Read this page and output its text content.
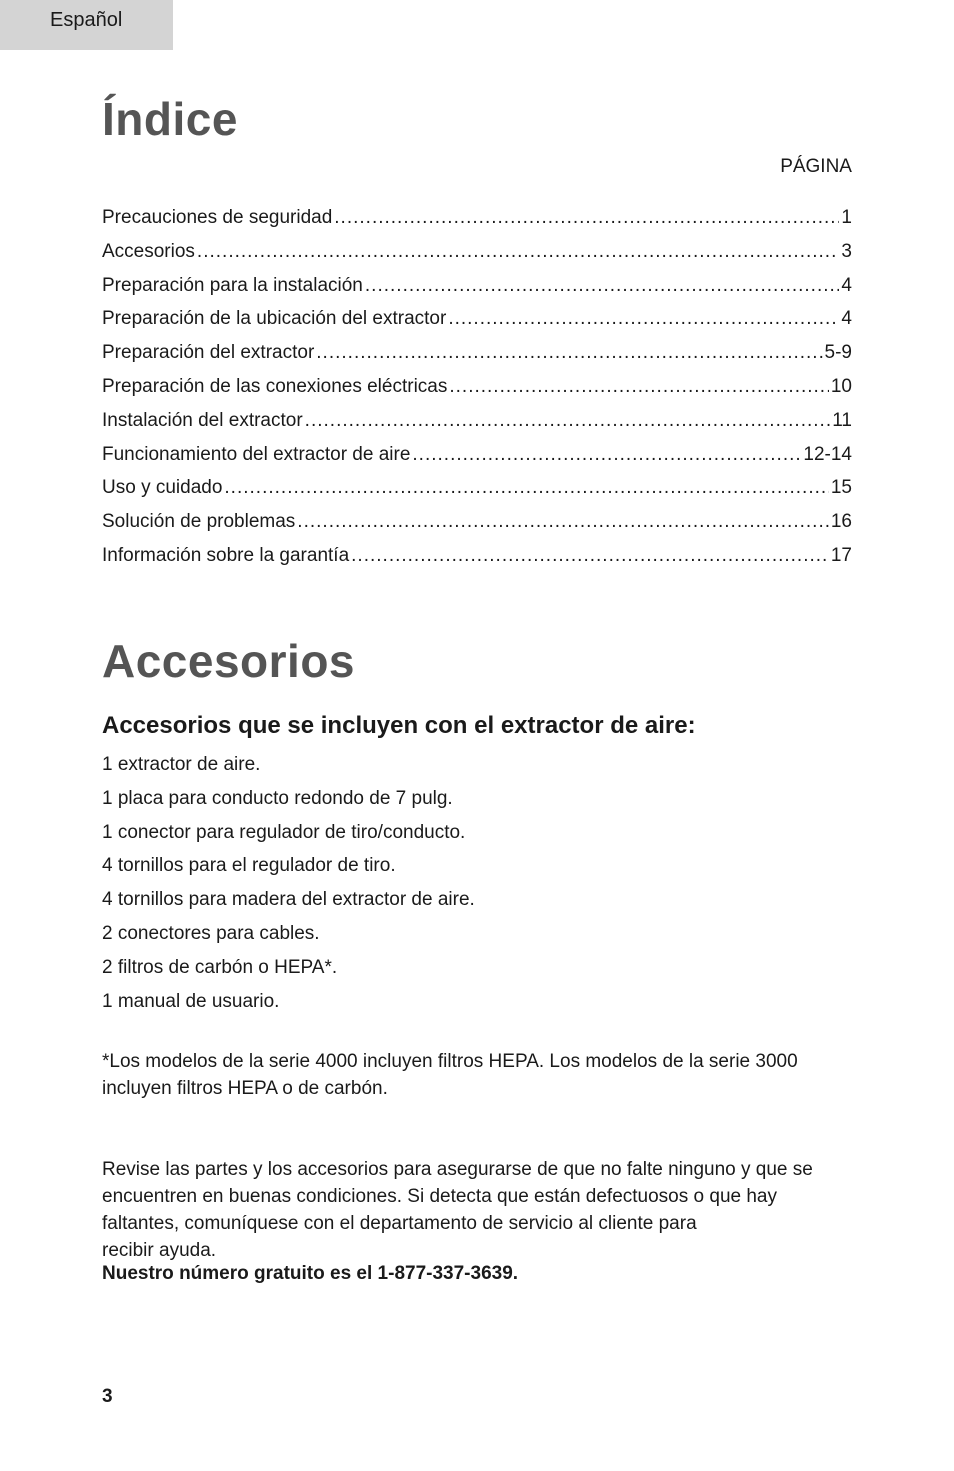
Español
Índice
PÁGINA
Precauciones de seguridad .....	1
Accesorios .....	3
Preparación para la instalación .....	4
Preparación de la ubicación del extractor .....	4
Preparación del extractor .....	5-9
Preparación de las conexiones eléctricas .....	10
Instalación del extractor .....	11
Funcionamiento del extractor de aire .....	12-14
Uso y cuidado .....	15
Solución de problemas .....	16
Información sobre la garantía .....	17
Accesorios
Accesorios que se incluyen con el extractor de aire:
1 extractor de aire.
1 placa para conducto redondo de 7 pulg.
1 conector para regulador de tiro/conducto.
4 tornillos para el regulador de tiro.
4 tornillos para madera del extractor de aire.
2 conectores para cables.
2 filtros de carbón o HEPA*.
1 manual de usuario.

*Los modelos de la serie 4000 incluyen filtros HEPA. Los modelos de la serie 3000 incluyen filtros HEPA o de carbón.

Revise las partes y los accesorios para asegurarse de que no falte ninguno y que se
encuentren en buenas condiciones. Si detecta que están defectuosos o que hay
faltantes, comuníquese con el departamento de servicio al cliente para
recibir ayuda.

Nuestro número gratuito es el 1-877-337-3639.

3
